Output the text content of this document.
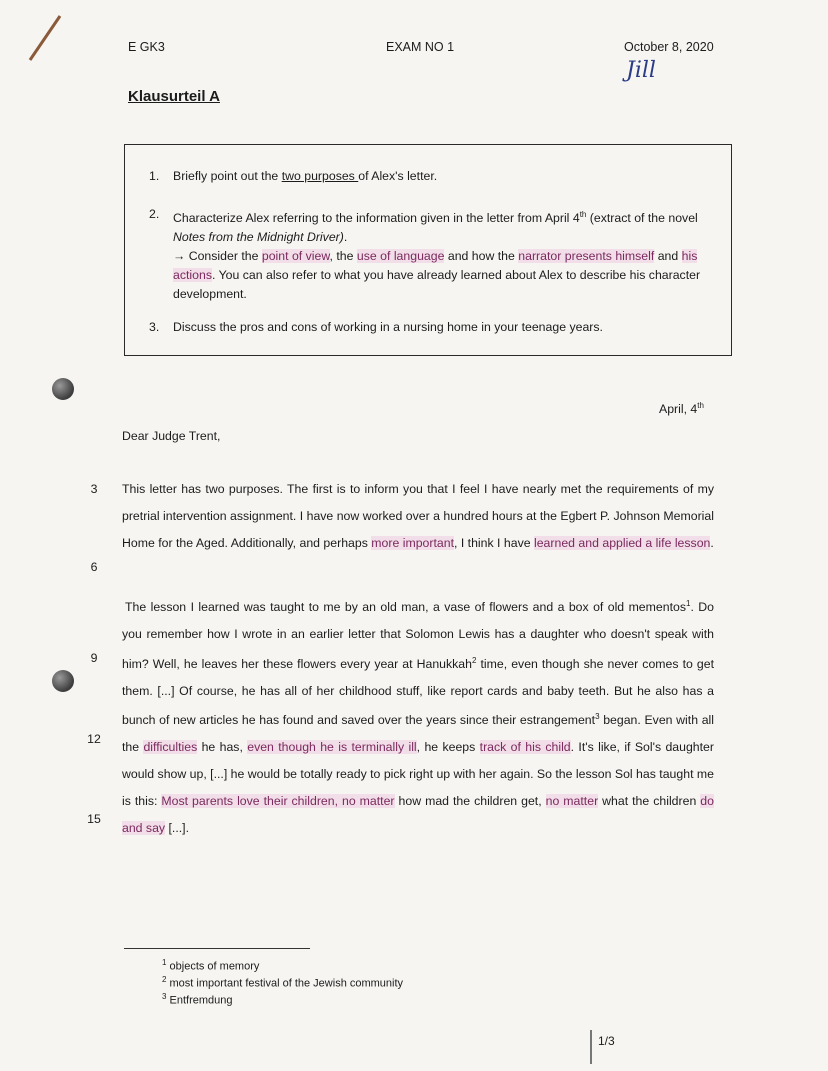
E GK3	EXAM NO 1	October 8, 2020
Jill
Klausurteil A
1. Briefly point out the two purposes of Alex's letter.
2. Characterize Alex referring to the information given in the letter from April 4th (extract of the novel Notes from the Midnight Driver).
→ Consider the point of view, the use of language and how the narrator presents himself and his actions. You can also refer to what you have already learned about Alex to describe his character development.
3. Discuss the pros and cons of working in a nursing home in your teenage years.
April, 4th
Dear Judge Trent,
3
6
9
12
15
This letter has two purposes. The first is to inform you that I feel I have nearly met the requirements of my pretrial intervention assignment. I have now worked over a hundred hours at the Egbert P. Johnson Memorial Home for the Aged. Additionally, and perhaps more important, I think I have learned and applied a life lesson.
The lesson I learned was taught to me by an old man, a vase of flowers and a box of old mementos$^1$. Do you remember how I wrote in an earlier letter that Solomon Lewis has a daughter who doesn't speak with him? Well, he leaves her these flowers every year at Hanukkah$^2$ time, even though she never comes to get them. [...] Of course, he has all of her childhood stuff, like report cards and baby teeth. But he also has a bunch of new articles he has found and saved over the years since their estrangement$^3$ began. Even with all the difficulties he has, even though he is terminally ill, he keeps track of his child. It's like, if Sol's daughter would show up, [...] he would be totally ready to pick right up with her again. So the lesson Sol has taught me is this: Most parents love their children, no matter how mad the children get, no matter what the children do and say [...].
$^1$ objects of memory
$^2$ most important festival of the Jewish community
$^3$ Entfremdung
1/3
